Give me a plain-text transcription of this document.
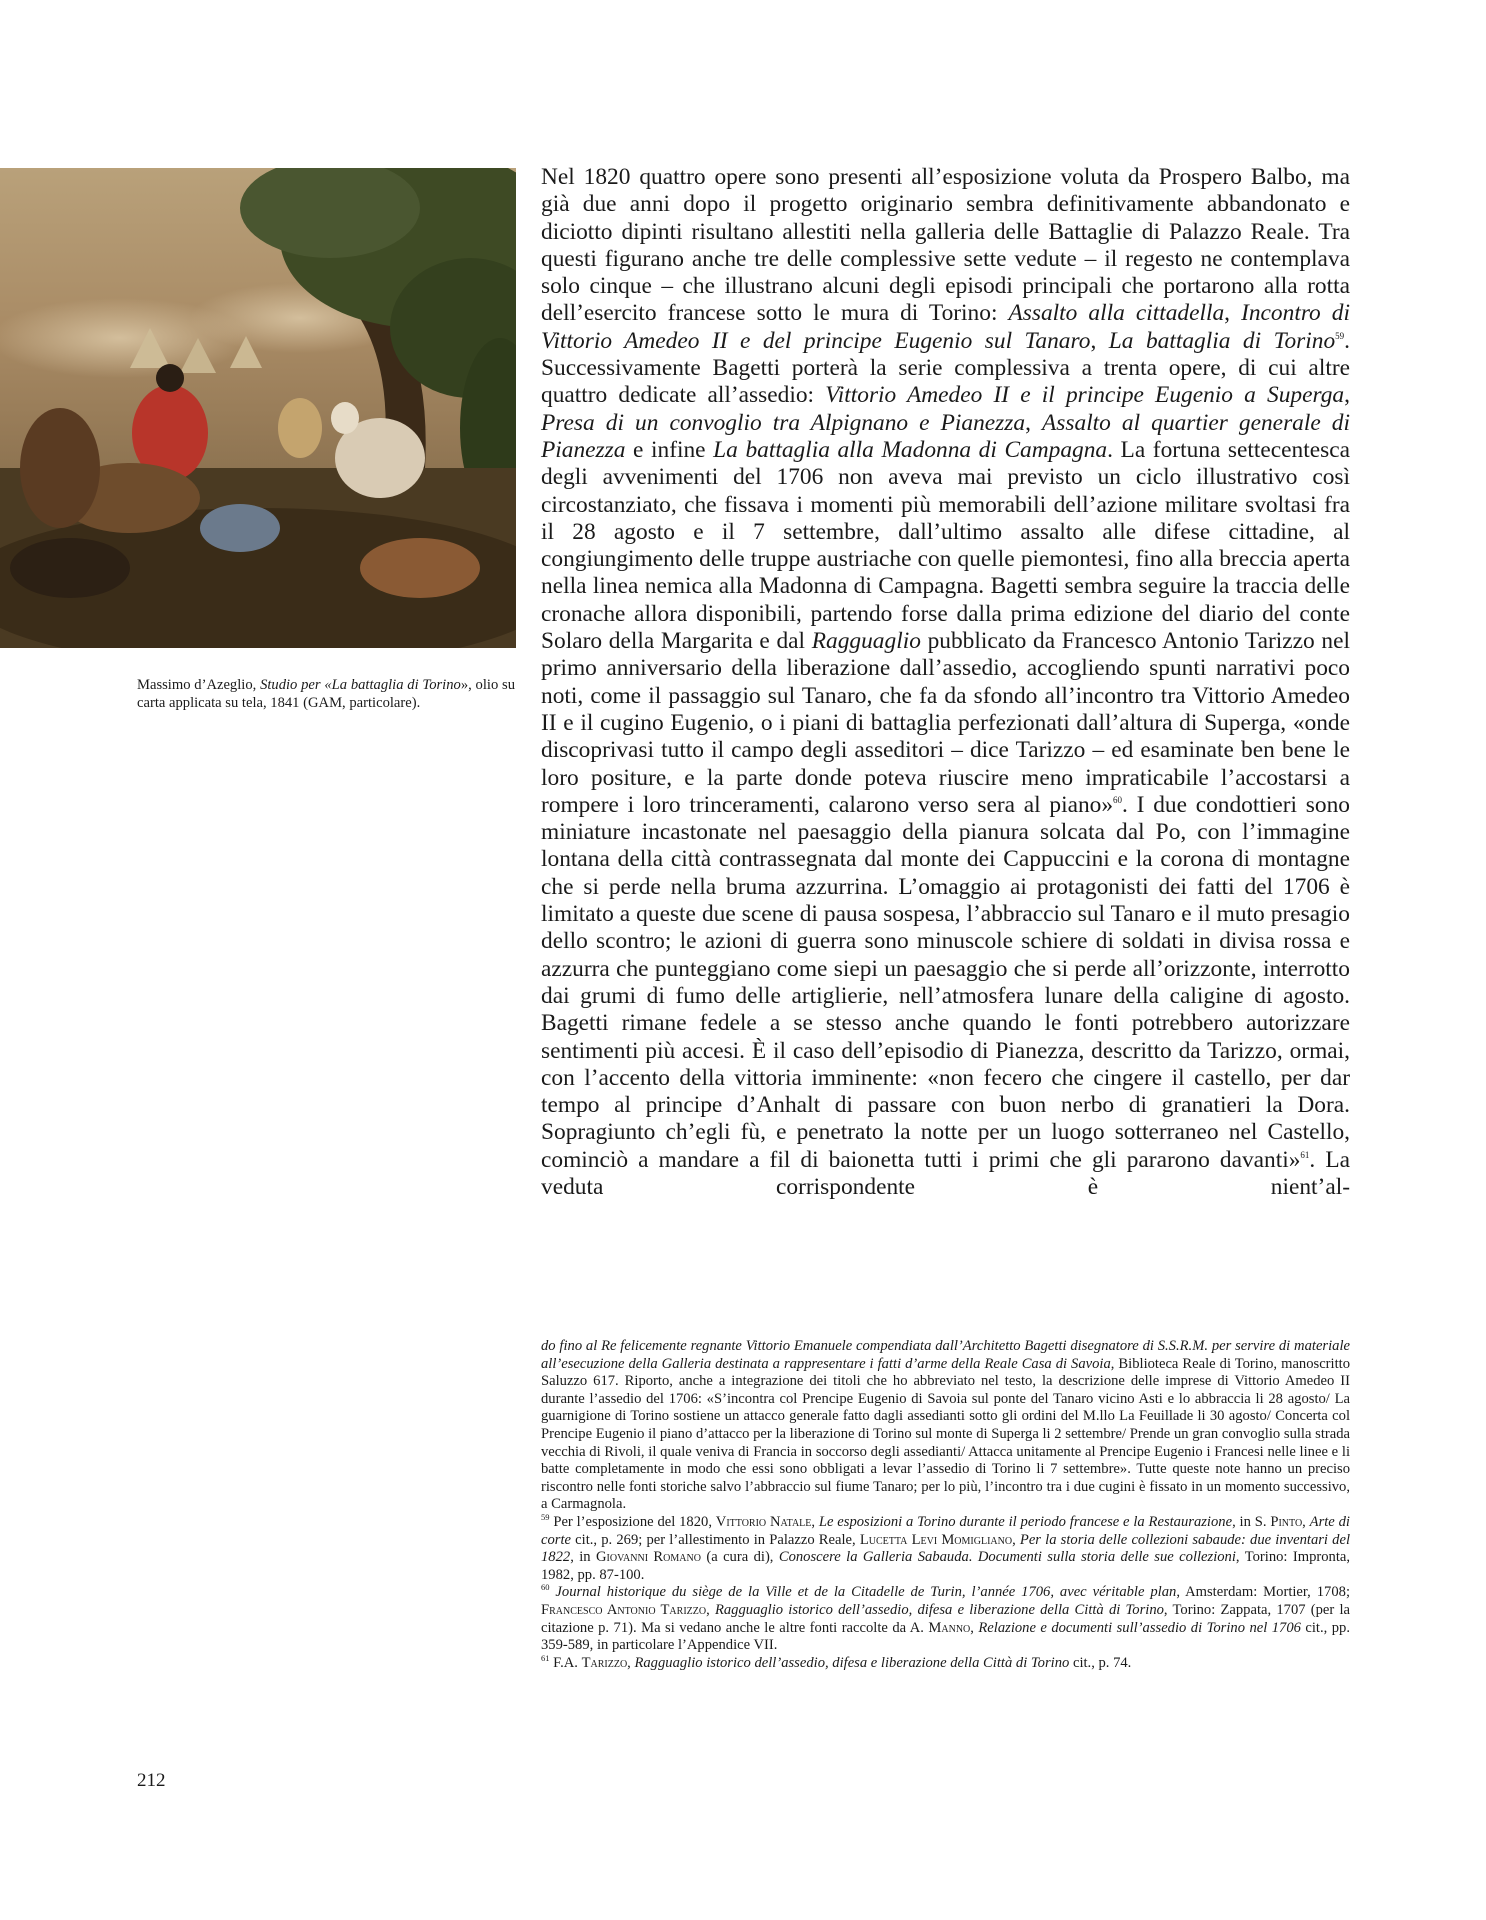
Massimo d’Azeglio, Studio per «La battaglia di Torino», olio su carta applicata su tela, 1841 (GAM, particolare).

Nel 1820 quattro opere sono presenti all’esposizione voluta da Prospero Balbo, ma già due anni dopo il progetto originario sembra definitivamente abbandonato e diciotto dipinti risultano allestiti nella galleria delle Battaglie di Palazzo Reale. Tra questi figurano anche tre delle complessive sette vedute – il regesto ne contemplava solo cinque – che illustrano alcuni degli episodi principali che portarono alla rotta dell’esercito francese sotto le mura di Torino: Assalto alla cittadella, Incontro di Vittorio Amedeo II e del principe Eugenio sul Tanaro, La battaglia di Torino$^{59}$. Successivamente Bagetti porterà la serie complessiva a trenta opere, di cui altre quattro dedicate all’assedio: Vittorio Amedeo II e il principe Eugenio a Superga, Presa di un convoglio tra Alpignano e Pianezza, Assalto al quartier generale di Pianezza e infine La battaglia alla Madonna di Campagna. La fortuna settecentesca degli avvenimenti del 1706 non aveva mai previsto un ciclo illustrativo così circostanziato, che fissava i momenti più memorabili dell’azione militare svoltasi fra il 28 agosto e il 7 settembre, dall’ultimo assalto alle difese cittadine, al congiungimento delle truppe austriache con quelle piemontesi, fino alla breccia aperta nella linea nemica alla Madonna di Campagna. Bagetti sembra seguire la traccia delle cronache allora disponibili, partendo forse dalla prima edizione del diario del conte Solaro della Margarita e dal Ragguaglio pubblicato da Francesco Antonio Tarizzo nel primo anniversario della liberazione dall’assedio, accogliendo spunti narrativi poco noti, come il passaggio sul Tanaro, che fa da sfondo all’incontro tra Vittorio Amedeo II e il cugino Eugenio, o i piani di battaglia perfezionati dall’altura di Superga, «onde discoprivasi tutto il campo degli asseditori – dice Tarizzo – ed esaminate ben bene le loro positure, e la parte donde poteva riuscire meno impraticabile l’accostarsi a rompere i loro trinceramenti, calarono verso sera al piano»$^{60}$. I due condottieri sono miniature incastonate nel paesaggio della pianura solcata dal Po, con l’immagine lontana della città contrassegnata dal monte dei Cappuccini e la corona di montagne che si perde nella bruma azzurrina. L’omaggio ai protagonisti dei fatti del 1706 è limitato a queste due scene di pausa sospesa, l’abbraccio sul Tanaro e il muto presagio dello scontro; le azioni di guerra sono minuscole schiere di soldati in divisa rossa e azzurra che punteggiano come siepi un paesaggio che si perde all’orizzonte, interrotto dai grumi di fumo delle artiglierie, nell’atmosfera lunare della caligine di agosto. Bagetti rimane fedele a se stesso anche quando le fonti potrebbero autorizzare sentimenti più accesi. È il caso dell’episodio di Pianezza, descritto da Tarizzo, ormai, con l’accento della vittoria imminente: «non fecero che cingere il castello, per dar tempo al principe d’Anhalt di passare con buon nerbo di granatieri la Dora. Sopragiunto ch’egli fù, e penetrato la notte per un luogo sotterraneo nel Castello, cominciò a mandare a fil di baionetta tutti i primi che gli pararono davanti»$^{61}$. La veduta corrispondente è nient’al-

do fino al Re felicemente regnante Vittorio Emanuele compendiata dall’Architetto Bagetti disegnatore di S.S.R.M. per servire di materiale all’esecuzione della Galleria destinata a rappresentare i fatti d’arme della Reale Casa di Savoia, Biblioteca Reale di Torino, manoscritto Saluzzo 617. Riporto, anche a integrazione dei titoli che ho abbreviato nel testo, la descrizione delle imprese di Vittorio Amedeo II durante l’assedio del 1706: «S’incontra col Prencipe Eugenio di Savoia sul ponte del Tanaro vicino Asti e lo abbraccia li 28 agosto/ La guarnigione di Torino sostiene un attacco generale fatto dagli assedianti sotto gli ordini del M.llo La Feuillade li 30 agosto/ Concerta col Prencipe Eugenio il piano d’attacco per la liberazione di Torino sul monte di Superga li 2 settembre/ Prende un gran convoglio sulla strada vecchia di Rivoli, il quale veniva di Francia in soccorso degli assedianti/ Attacca unitamente al Prencipe Eugenio i Francesi nelle linee e li batte completamente in modo che essi sono obbligati a levar l’assedio di Torino li 7 settembre». Tutte queste note hanno un preciso riscontro nelle fonti storiche salvo l’abbraccio sul fiume Tanaro; per lo più, l’incontro tra i due cugini è fissato in un momento successivo, a Carmagnola.

$^{59}$ Per l’esposizione del 1820, Vittorio Natale, Le esposizioni a Torino durante il periodo francese e la Restaurazione, in S. Pinto, Arte di corte cit., p. 269; per l’allestimento in Palazzo Reale, Lucetta Levi Momigliano, Per la storia delle collezioni sabaude: due inventari del 1822, in Giovanni Romano (a cura di), Conoscere la Galleria Sabauda. Documenti sulla storia delle sue collezioni, Torino: Impronta, 1982, pp. 87-100.

$^{60}$ Journal historique du siège de la Ville et de la Citadelle de Turin, l’année 1706, avec véritable plan, Amsterdam: Mortier, 1708; Francesco Antonio Tarizzo, Ragguaglio istorico dell’assedio, difesa e liberazione della Città di Torino, Torino: Zappata, 1707 (per la citazione p. 71). Ma si vedano anche le altre fonti raccolte da A. Manno, Relazione e documenti sull’assedio di Torino nel 1706 cit., pp. 359-589, in particolare l’Appendice VII.

$^{61}$ F.A. Tarizzo, Ragguaglio istorico dell’assedio, difesa e liberazione della Città di Torino cit., p. 74.

212
